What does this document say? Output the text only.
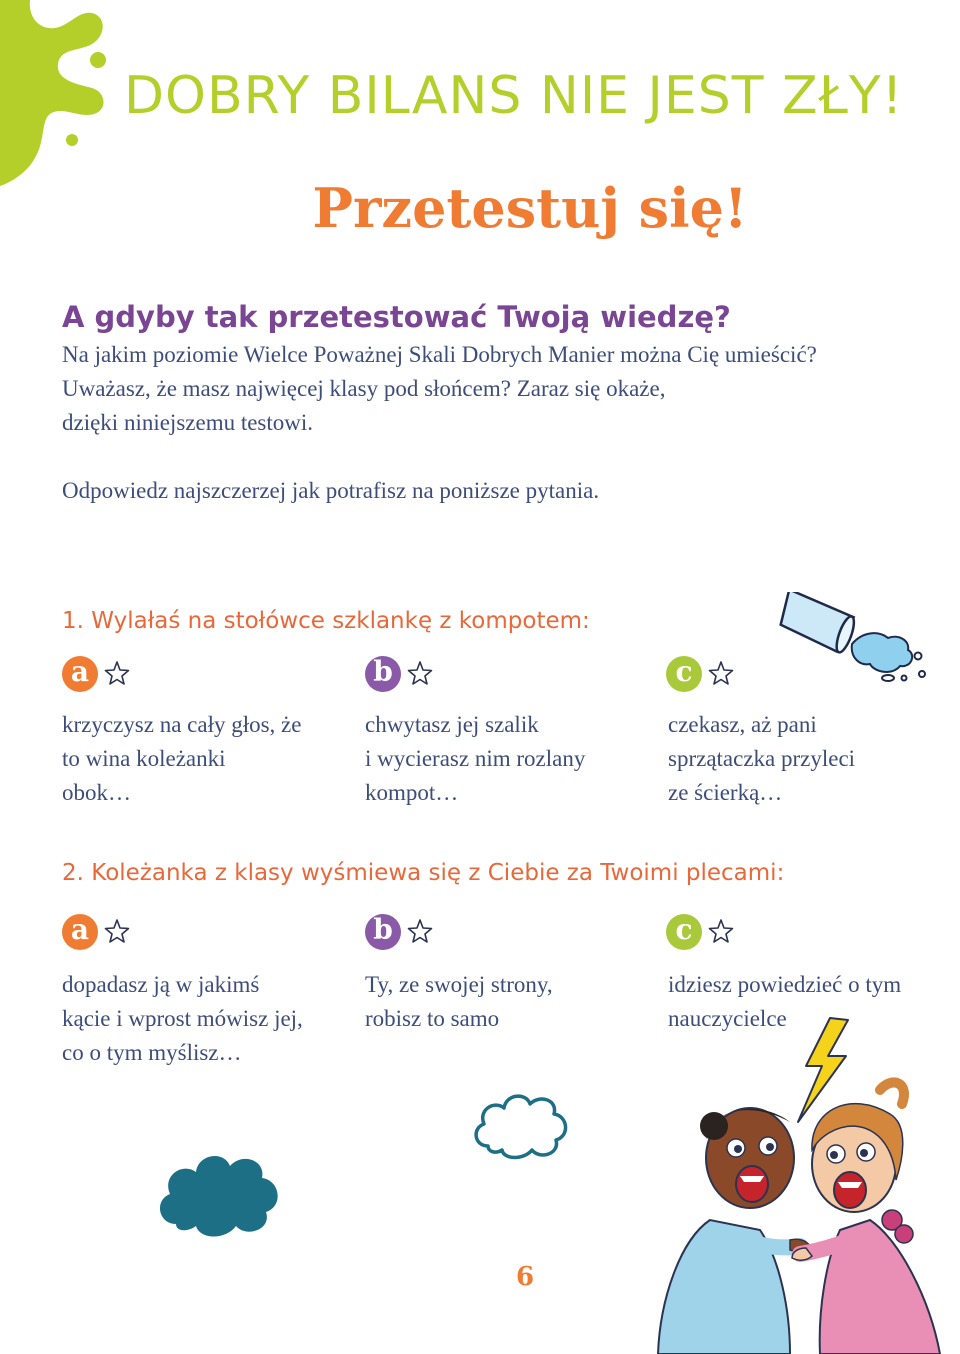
DOBRY BILANS NIE JEST ZŁY!
Przetestuj się!
A gdyby tak przetestować Twoją wiedzę?
Na jakim poziomie Wielce Poważnej Skali Dobrych Manier można Cię umieścić?
Uważasz, że masz najwięcej klasy pod słońcem? Zaraz się okaże,
dzięki niniejszemu testowi.
Odpowiedz najszczerzej jak potrafisz na poniższe pytania.
1. Wylałaś na stołówce szklankę z kompotem:
a	b	c
krzyczysz na cały głos, że
to wina koleżanki
obok…
chwytasz jej szalik
i wycierasz nim rozlany
kompot…
czekasz, aż pani
sprzątaczka przyleci
ze ścierką…
2. Koleżanka z klasy wyśmiewa się z Ciebie za Twoimi plecami:
a	b	c
dopadasz ją w jakimś
kącie i wprost mówisz jej,
co o tym myślisz…
Ty, ze swojej strony,
robisz to samo
idziesz powiedzieć o tym
nauczycielce
6
